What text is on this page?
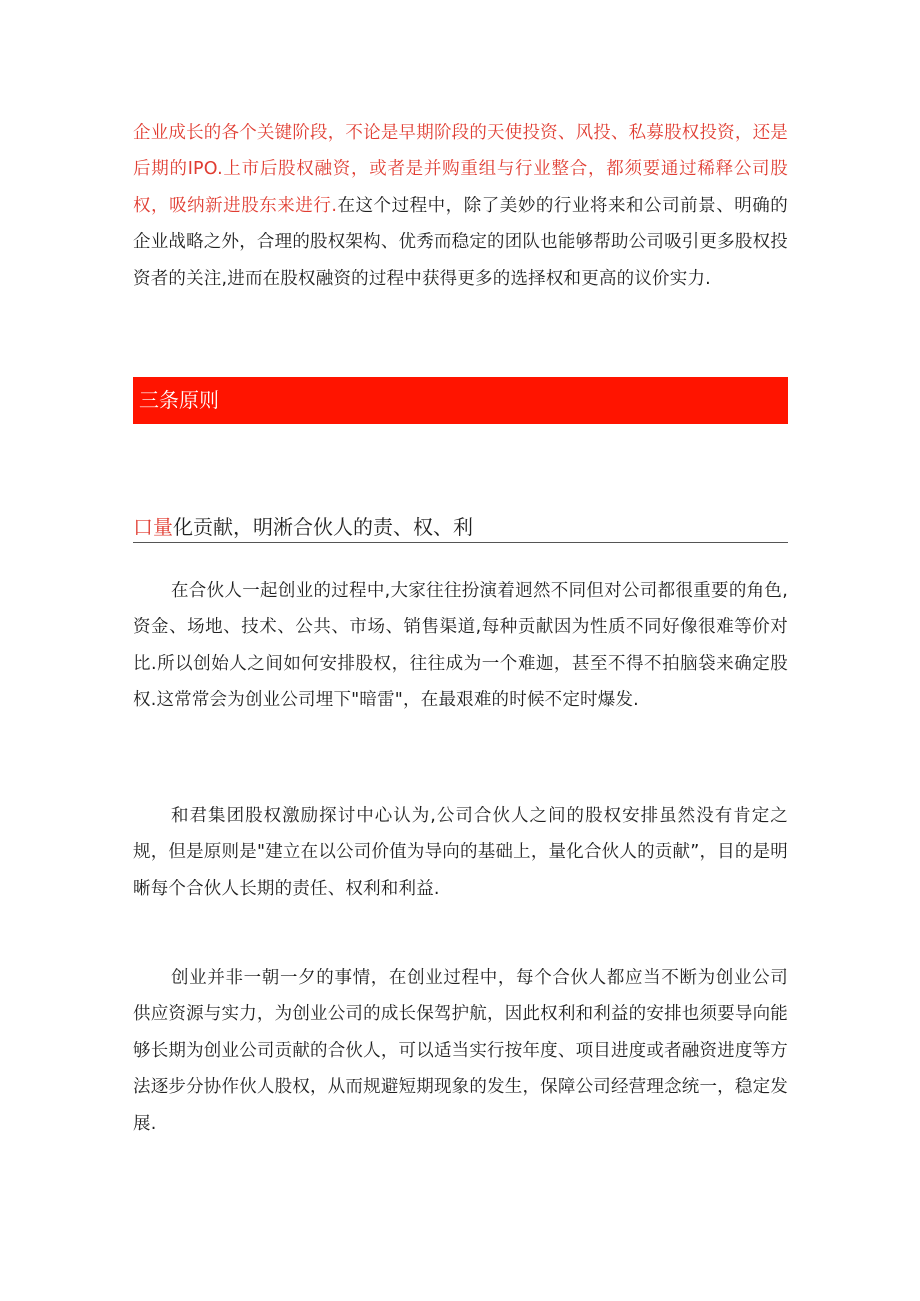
企业成长的各个关键阶段，不论是早期阶段的天使投资、风投、私募股权投资，还是后期的IPO.上市后股权融资，或者是并购重组与行业整合，都须要通过稀释公司股权，吸纳新进股东来进行.在这个过程中，除了美妙的行业将来和公司前景、明确的企业战略之外，合理的股权架构、优秀而稳定的团队也能够帮助公司吸引更多股权投资者的关注,进而在股权融资的过程中获得更多的选择权和更高的议价实力.

三条原则
口量化贡献，明淅合伙人的责、权、利

在合伙人一起创业的过程中,大家往往扮演着迥然不同但对公司都很重要的角色,资金、场地、技术、公共、市场、销售渠道,每种贡献因为性质不同好像很难等价对比.所以创始人之间如何安排股权，往往成为一个难迦，甚至不得不拍脑袋来确定股权.这常常会为创业公司埋下"暗雷"，在最艰难的时候不定时爆发.

和君集团股权激励探讨中心认为,公司合伙人之间的股权安排虽然没有肯定之规，但是原则是"建立在以公司价值为导向的基础上，量化合伙人的贡献”，目的是明晰每个合伙人长期的责任、权利和利益.

创业并非一朝一夕的事情，在创业过程中，每个合伙人都应当不断为创业公司供应资源与实力，为创业公司的成长保驾护航，因此权利和利益的安排也须要导向能够长期为创业公司贡献的合伙人，可以适当实行按年度、项目进度或者融资进度等方法逐步分协作伙人股权，从而规避短期现象的发生，保障公司经营理念统一，稳定发展.
